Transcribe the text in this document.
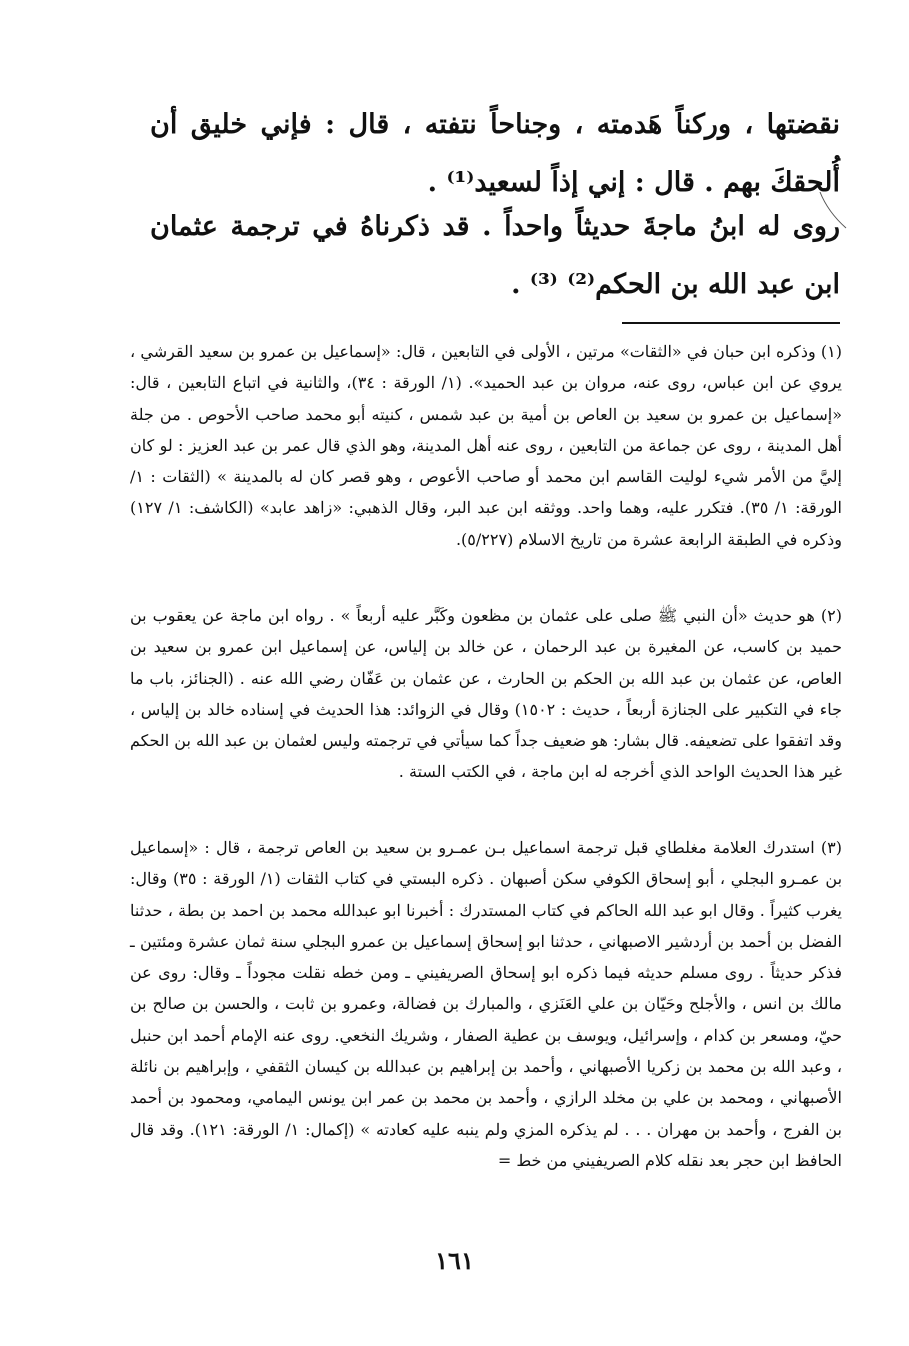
نقضتها ، وركناً هَدمته ، وجناحاً نتفته ، قال : فإني خليق أن أُلحقكَ بهم . قال : إني إذاً لسعيد⁽¹⁾ .

روى له ابنُ ماجةَ حديثاً واحداً . قد ذكرناهُ في ترجمة عثمان ابن عبد الله بن الحكم⁽²⁾ ⁽³⁾ .

(١) وذكره ابن حبان في «الثقات» مرتين ، الأولى في التابعين ، قال: «إسماعيل بن عمرو بن سعيد القرشي ، يروي عن ابن عباس، روى عنه، مروان بن عبد الحميد». (١/ الورقة : ٣٤)، والثانية في اتباع التابعين ، قال: «إسماعيل بن عمرو بن سعيد بن العاص بن أمية بن عبد شمس ، كنيته أبو محمد صاحب الأحوص . من جلة أهل المدينة ، روى عن جماعة من التابعين ، روى عنه أهل المدينة، وهو الذي قال عمر بن عبد العزيز : لو كان إليَّ من الأمر شيء لوليت القاسم ابن محمد أو صاحب الأعوص ، وهو قصر كان له بالمدينة » (الثقات : ١/ الورقة: ١/ ٣٥). فتكرر عليه، وهما واحد. ووثقه ابن عبد البر، وقال الذهبي: «زاهد عابد» (الكاشف: ١/ ١٢٧) وذكره في الطبقة الرابعة عشرة من تاريخ الاسلام (٥/٢٢٧).

(٢) هو حديث «أن النبي ﷺ صلى على عثمان بن مظعون وكَبَّر عليه أربعاً » . رواه ابن ماجة عن يعقوب بن حميد بن كاسب، عن المغيرة بن عبد الرحمان ، عن خالد بن إلياس، عن إسماعيل ابن عمرو بن سعيد بن العاص، عن عثمان بن عبد الله بن الحكم بن الحارث ، عن عثمان بن عَفّان رضي الله عنه . (الجنائز، باب ما جاء في التكبير على الجنازة أربعاً ، حديث : ١٥٠٢) وقال في الزوائد: هذا الحديث في إسناده خالد بن إلياس ، وقد اتفقوا على تضعيفه. قال بشار: هو ضعيف جداً كما سيأتي في ترجمته وليس لعثمان بن عبد الله بن الحكم غير هذا الحديث الواحد الذي أخرجه له ابن ماجة ، في الكتب الستة .

(٣) استدرك العلامة مغلطاي قبل ترجمة اسماعيل بـن عمـرو بن سعيد بن العاص ترجمة ، قال : «إسماعيل بن عمـرو البجلي ، أبو إسحاق الكوفي سكن أصبهان . ذكره البستي في كتاب الثقات (١/ الورقة : ٣٥) وقال: يغرب كثيراً . وقال ابو عبد الله الحاكم في كتاب المستدرك : أخبرنا ابو عبدالله محمد بن احمد بن بطة ، حدثنا الفضل بن أحمد بن أردشير الاصبهاني ، حدثنا ابو إسحاق إسماعيل بن عمرو البجلي سنة ثمان عشرة ومئتين ـ فذكر حديثاً . روى مسلم حديثه فيما ذكره ابو إسحاق الصريفيني ـ ومن خطه نقلت مجوداً ـ وقال: روى عن مالك بن انس ، والأجلح وحَيّان بن علي العَنَزي ، والمبارك بن فضالة، وعمرو بن ثابت ، والحسن بن صالح بن حيّ، ومسعر بن كدام ، وإسرائيل، ويوسف بن عطية الصفار ، وشريك النخعي. روى عنه الإمام أحمد ابن حنبل ، وعبد الله بن محمد بن زكريا الأصبهاني ، وأحمد بن إبراهيم بن عبدالله بن كيسان الثقفي ، وإبراهيم بن نائلة الأصبهاني ، ومحمد بن علي بن مخلد الرازي ، وأحمد بن محمد بن عمر ابن يونس اليمامي، ومحمود بن أحمد بن الفرج ، وأحمد بن مهران . . . لم يذكره المزي ولم ينبه عليه كعادته » (إكمال: ١/ الورقة: ١٢١). وقد قال الحافظ ابن حجر بعد نقله كلام الصريفيني من خط =

١٦١
